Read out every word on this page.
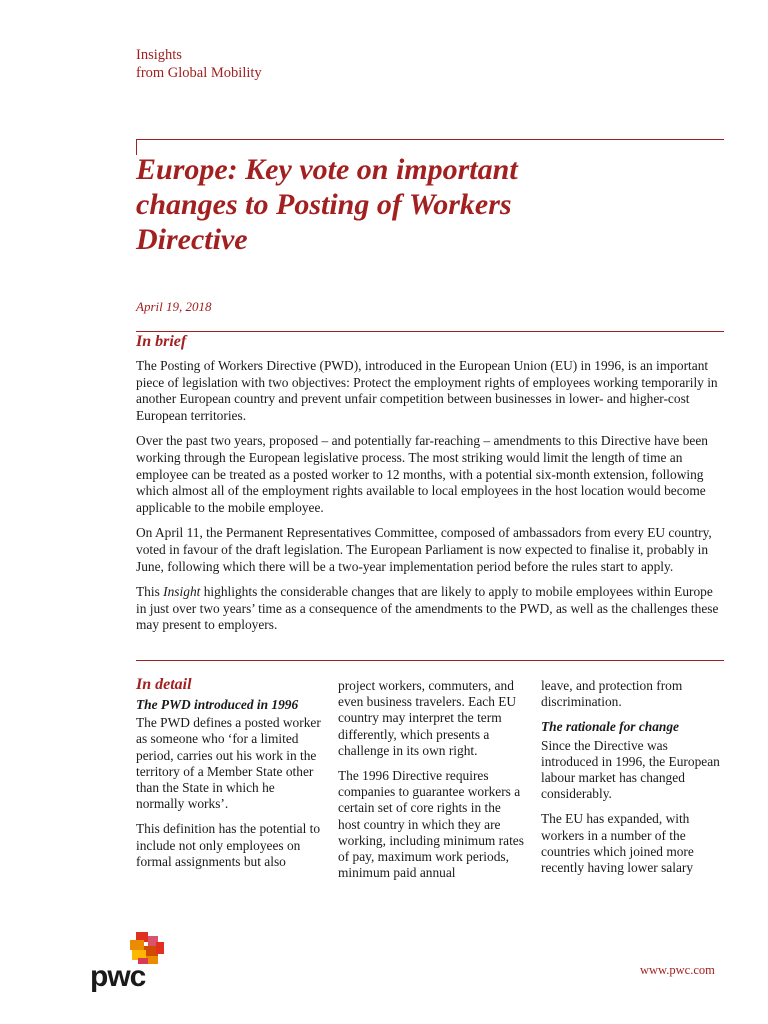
Insights
from Global Mobility
Europe: Key vote on important
changes to Posting of Workers
Directive
April 19, 2018
In brief

The Posting of Workers Directive (PWD), introduced in the European Union (EU) in 1996, is an important piece of legislation with two objectives: Protect the employment rights of employees working temporarily in another European country and prevent unfair competition between businesses in lower- and higher-cost European territories.

Over the past two years, proposed – and potentially far-reaching – amendments to this Directive have been working through the European legislative process. The most striking would limit the length of time an employee can be treated as a posted worker to 12 months, with a potential six-month extension, following which almost all of the employment rights available to local employees in the host location would become applicable to the mobile employee.

On April 11, the Permanent Representatives Committee, composed of ambassadors from every EU country, voted in favour of the draft legislation. The European Parliament is now expected to finalise it, probably in June, following which there will be a two-year implementation period before the rules start to apply.

This Insight highlights the considerable changes that are likely to apply to mobile employees within Europe in just over two years’ time as a consequence of the amendments to the PWD, as well as the challenges these may present to employers.

In detail
The PWD introduced in 1996

The PWD defines a posted worker as someone who ‘for a limited period, carries out his work in the territory of a Member State other than the State in which he normally works’.

This definition has the potential to include not only employees on formal assignments but also

project workers, commuters, and even business travelers. Each EU country may interpret the term differently, which presents a challenge in its own right.

The 1996 Directive requires companies to guarantee workers a certain set of core rights in the host country in which they are working, including minimum rates of pay, maximum work periods, minimum paid annual

leave, and protection from discrimination.

The rationale for change

Since the Directive was introduced in 1996, the European labour market has changed considerably.

The EU has expanded, with workers in a number of the countries which joined more recently having lower salary

pwc	www.pwc.com
